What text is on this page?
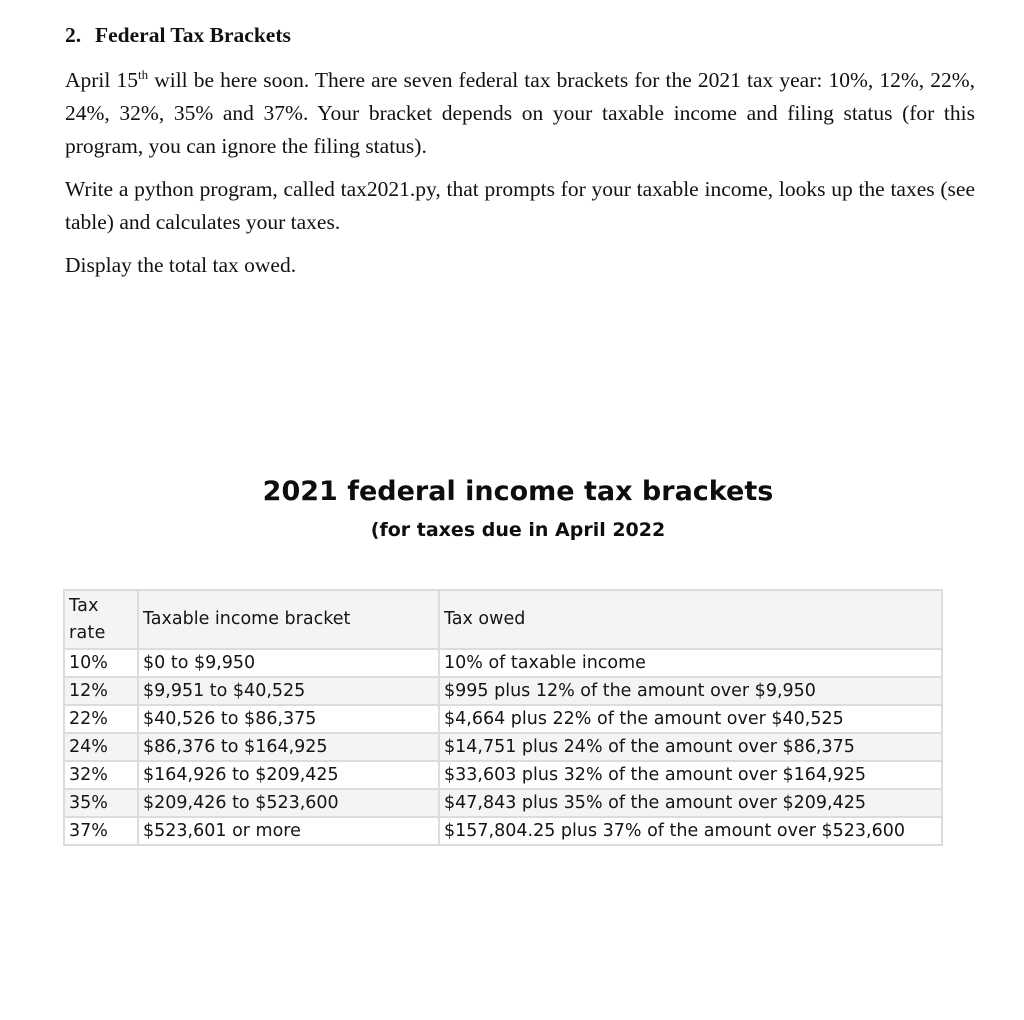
2. Federal Tax Brackets

April 15th will be here soon. There are seven federal tax brackets for the 2021 tax year: 10%, 12%, 22%, 24%, 32%, 35% and 37%. Your bracket depends on your taxable income and filing status (for this program, you can ignore the filing status).

Write a python program, called tax2021.py, that prompts for your taxable income, looks up the taxes (see table) and calculates your taxes.

Display the total tax owed.

2021 federal income tax brackets
(for taxes due in April 2022
Tax rate	Taxable income bracket	Tax owed
10%	$0 to $9,950	10% of taxable income
12%	$9,951 to $40,525	$995 plus 12% of the amount over $9,950
22%	$40,526 to $86,375	$4,664 plus 22% of the amount over $40,525
24%	$86,376 to $164,925	$14,751 plus 24% of the amount over $86,375
32%	$164,926 to $209,425	$33,603 plus 32% of the amount over $164,925
35%	$209,426 to $523,600	$47,843 plus 35% of the amount over $209,425
37%	$523,601 or more	$157,804.25 plus 37% of the amount over $523,600
